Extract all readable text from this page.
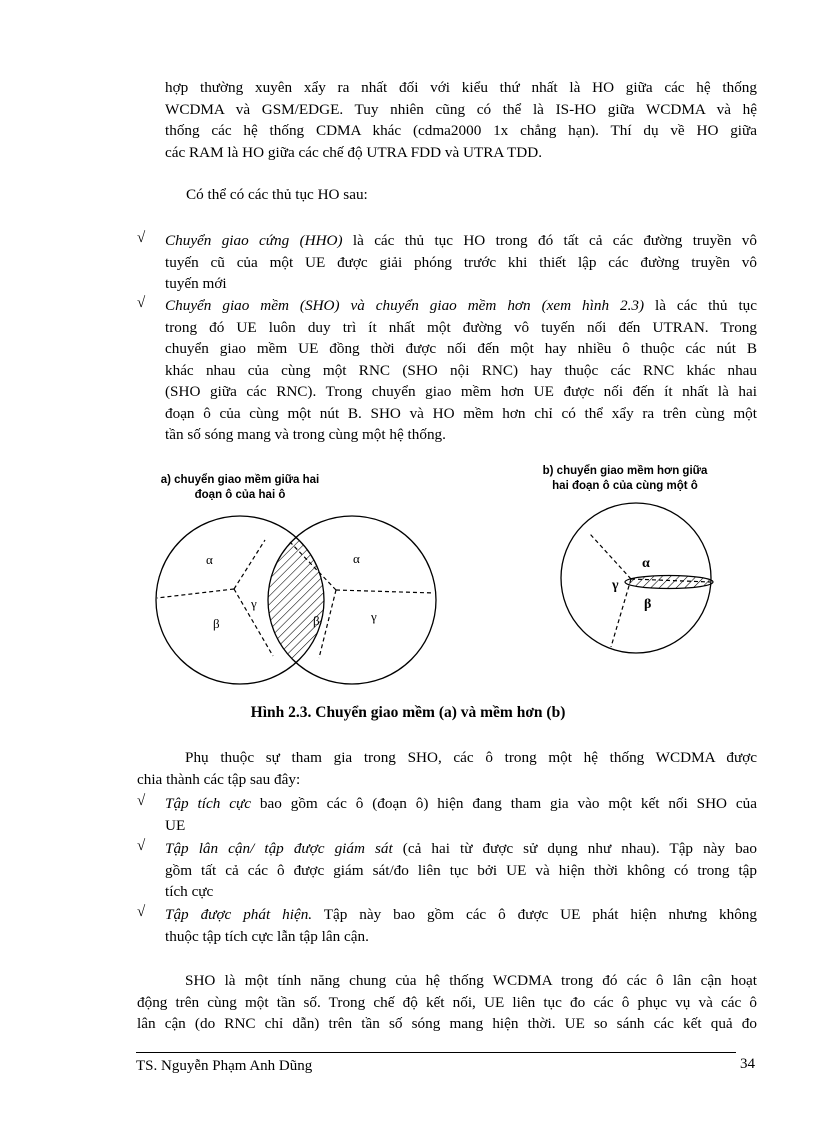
hợp thường xuyên xẩy ra nhất đối với kiểu thứ nhất là HO giữa các hệ thống
WCDMA và GSM/EDGE. Tuy nhiên cũng có thể là IS-HO giữa WCDMA và hệ
thống các hệ thống CDMA khác (cdma2000 1x chẳng hạn). Thí dụ về HO giữa
các RAM là HO giữa các chế độ UTRA FDD và UTRA TDD.
Có thể có các thủ tục HO sau:
√ Chuyển giao cứng (HHO) là các thủ tục HO trong đó tất cả các đường truyền vô
tuyến cũ của một UE được giải phóng trước khi thiết lập các đường truyền vô
tuyến mới
√ Chuyển giao mềm (SHO) và chuyển giao mềm hơn (xem hình 2.3) là các thủ tục
trong đó UE luôn duy trì ít nhất một đường vô tuyến nối đến UTRAN. Trong
chuyển giao mềm UE đồng thời được nối đến một hay nhiều ô thuộc các nút B
khác nhau của cùng một RNC (SHO nội RNC) hay thuộc các RNC khác nhau
(SHO giữa các RNC). Trong chuyển giao mềm hơn UE được nối đến ít nhất là hai
đoạn ô của cùng một nút B. SHO và HO mềm hơn chỉ có thể xẩy ra trên cùng một
tần số sóng mang và trong cùng một hệ thống.
a) chuyển giao mềm giữa hai
đoạn ô của hai ô
b) chuyển giao mềm hơn giữa
hai đoạn ô của cùng một ô
α
β
γ
α
β	γ
α
β
γ
Hình 2.3. Chuyển giao mềm (a) và mềm hơn (b)
Phụ thuộc sự tham gia trong SHO, các ô trong một hệ thống WCDMA được
chia thành các tập sau đây:
√ Tập tích cực bao gồm các ô (đoạn ô) hiện đang tham gia vào một kết nối SHO của
UE
√ Tập lân cận/ tập được giám sát (cả hai từ được sử dụng như nhau). Tập này bao
gồm tất cả các ô được giám sát/đo liên tục bởi UE và hiện thời không có trong tập
tích cực
√ Tập được phát hiện. Tập này bao gồm các ô được UE phát hiện nhưng không
thuộc tập tích cực lẫn tập lân cận.
SHO là một tính năng chung của hệ thống WCDMA trong đó các ô lân cận hoạt
động trên cùng một tần số. Trong chế độ kết nối, UE liên tục đo các ô phục vụ và các ô
lân cận (do RNC chỉ dẫn) trên tần số sóng mang hiện thời. UE so sánh các kết quả đo
TS. Nguyễn Phạm Anh Dũng	34
